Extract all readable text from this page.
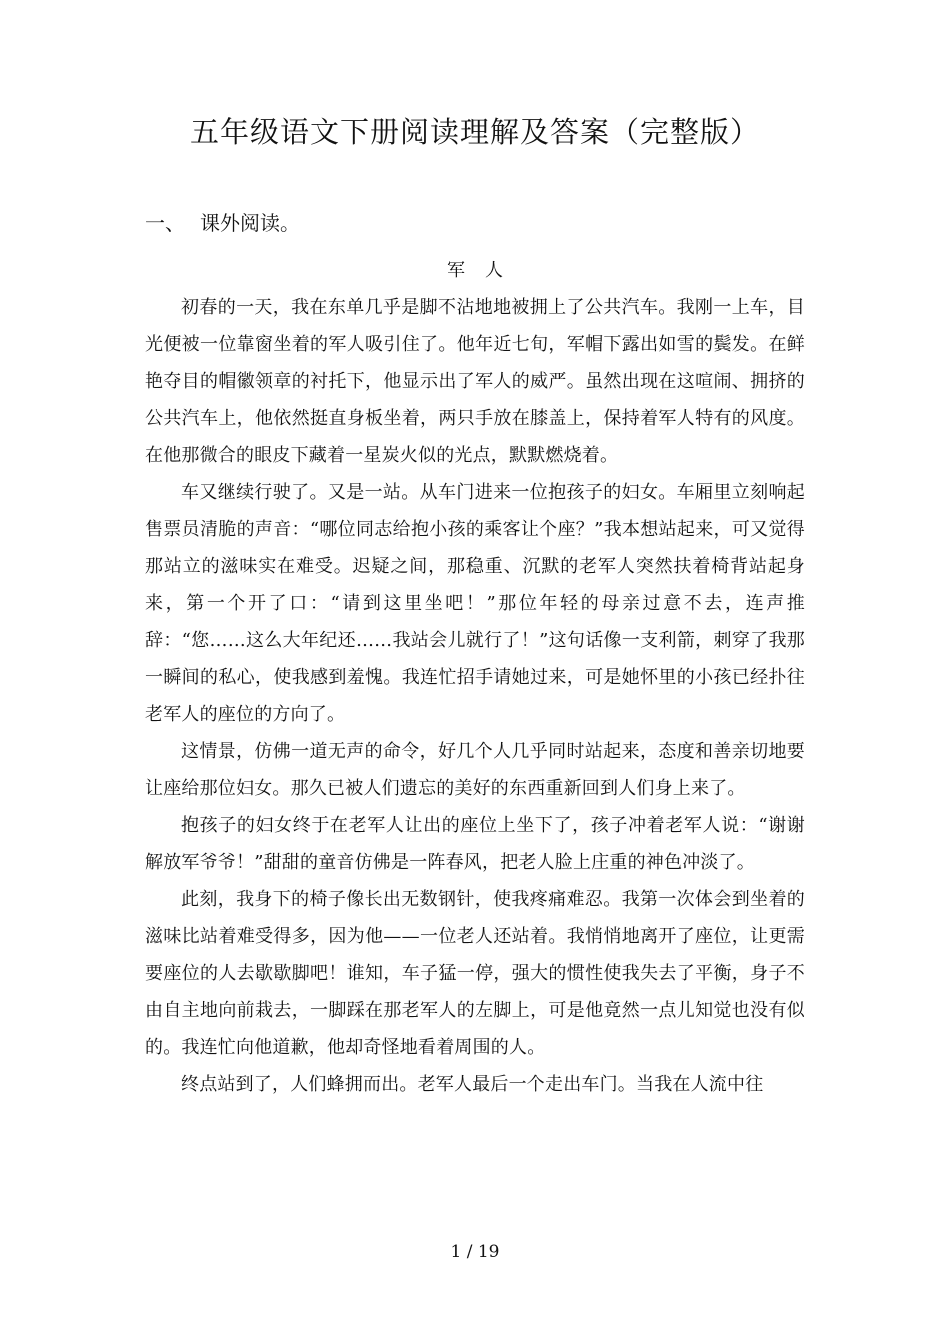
五年级语文下册阅读理解及答案（完整版）
一、 课外阅读。
军人

初春的一天，我在东单几乎是脚不沾地地被拥上了公共汽车。我刚一上车，目光便被一位靠窗坐着的军人吸引住了。他年近七旬，军帽下露出如雪的鬓发。在鲜艳夺目的帽徽领章的衬托下，他显示出了军人的威严。虽然出现在这喧闹、拥挤的公共汽车上，他依然挺直身板坐着，两只手放在膝盖上，保持着军人特有的风度。在他那微合的眼皮下藏着一星炭火似的光点，默默燃烧着。

车又继续行驶了。又是一站。从车门进来一位抱孩子的妇女。车厢里立刻响起售票员清脆的声音：“哪位同志给抱小孩的乘客让个座？”我本想站起来，可又觉得那站立的滋味实在难受。迟疑之间，那稳重、沉默的老军人突然扶着椅背站起身来，第一个开了口：“请到这里坐吧！”那位年轻的母亲过意不去，连声推辞：“您……这么大年纪还……我站会儿就行了！”这句话像一支利箭，刺穿了我那一瞬间的私心，使我感到羞愧。我连忙招手请她过来，可是她怀里的小孩已经扑往老军人的座位的方向了。

这情景，仿佛一道无声的命令，好几个人几乎同时站起来，态度和善亲切地要让座给那位妇女。那久已被人们遗忘的美好的东西重新回到人们身上来了。

抱孩子的妇女终于在老军人让出的座位上坐下了，孩子冲着老军人说：“谢谢解放军爷爷！”甜甜的童音仿佛是一阵春风，把老人脸上庄重的神色冲淡了。

此刻，我身下的椅子像长出无数钢针，使我疼痛难忍。我第一次体会到坐着的滋味比站着难受得多，因为他——一位老人还站着。我悄悄地离开了座位，让更需要座位的人去歇歇脚吧！谁知，车子猛一停，强大的惯性使我失去了平衡，身子不由自主地向前栽去，一脚踩在那老军人的左脚上，可是他竟然一点儿知觉也没有似的。我连忙向他道歉，他却奇怪地看着周围的人。

终点站到了，人们蜂拥而出。老军人最后一个走出车门。当我在人流中往

1 / 19
